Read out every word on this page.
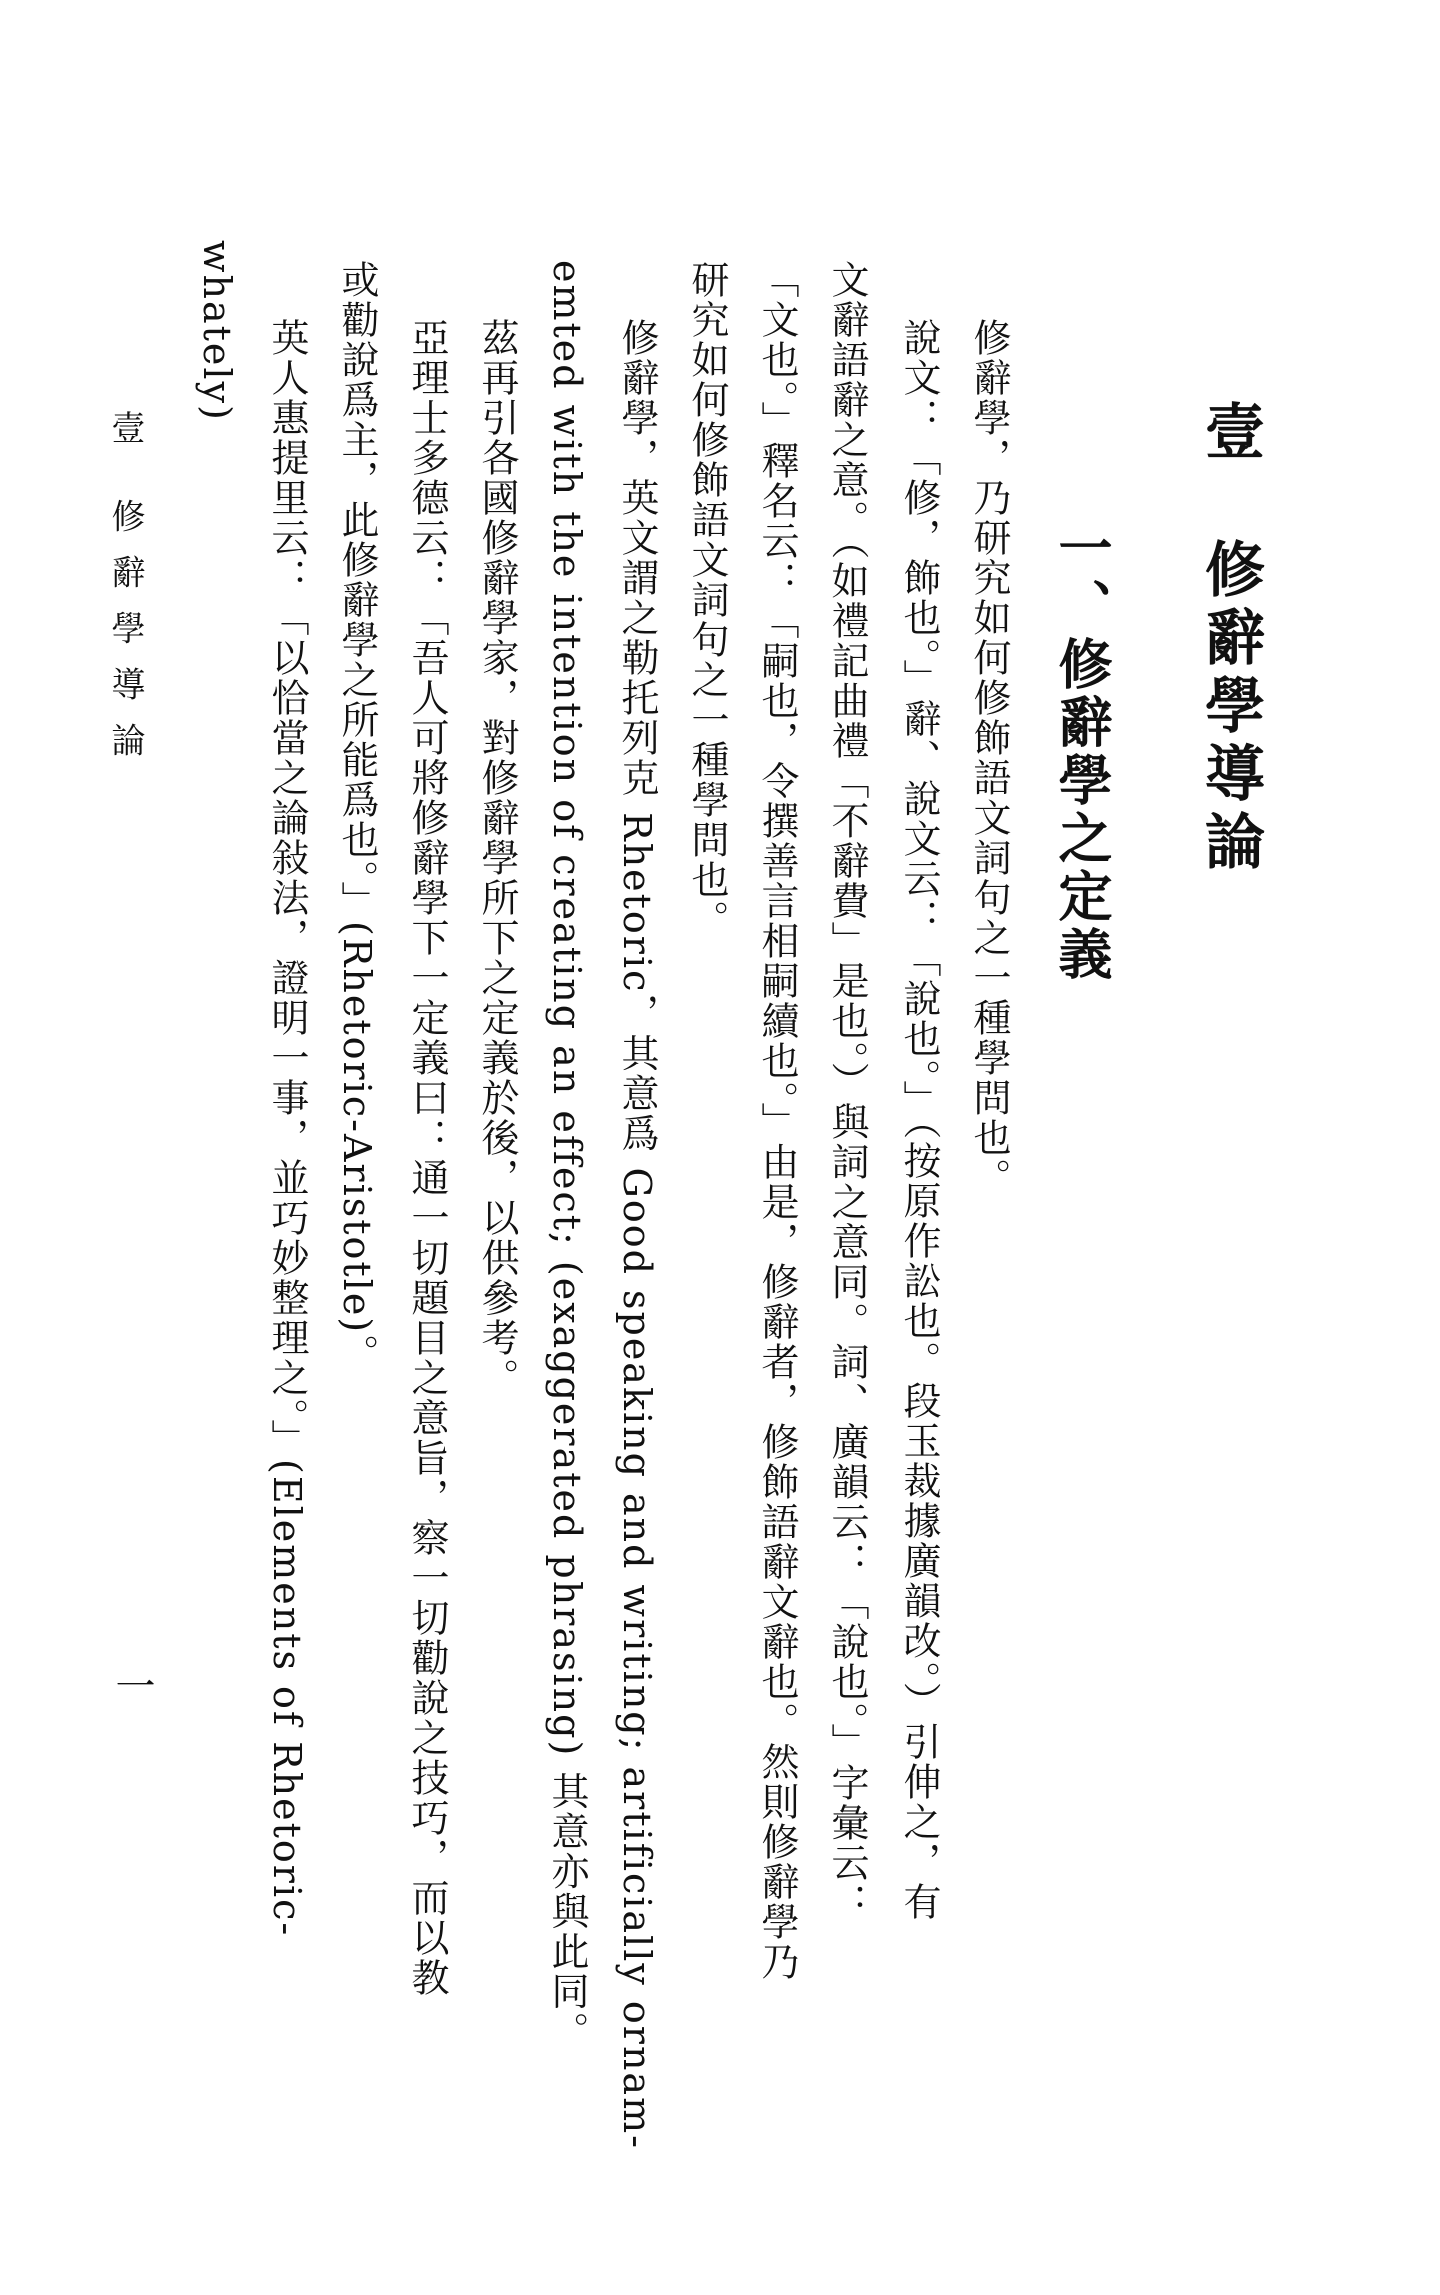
壹修辭學導論
一、修辭學之定義
修辭學，乃研究如何修飾語文詞句之一種學問也。
說文：「修，飾也。」辭、說文云：「說也。」（按原作訟也。段玉裁據廣韻改。）引伸之，有
文辭語辭之意。（如禮記曲禮「不辭費」是也。）與詞之意同。詞、廣韻云：「說也。」字彙云：
「文也。」釋名云：「嗣也，令撰善言相嗣續也。」由是，修辭者，修飾語辭文辭也。然則修辭學乃
研究如何修飾語文詞句之一種學問也。
修辭學，英文謂之勒托列克 Rhetoric，其意爲 Good speaking and writing; artificially ornam-
emted with the intention of creating an effect; (exaggerated phrasing) 其意亦與此同。
茲再引各國修辭學家，對修辭學所下之定義於後，以供參考。
亞理士多德云：「吾人可將修辭學下一定義曰：通一切題目之意旨，察一切勸說之技巧，而以教
或勸說爲主，此修辭學之所能爲也。」(Rhetoric-Aristotle)。
英人惠提里云：「以恰當之論敍法，證明一事，並巧妙整理之。」(Elements of Rhetoric-
whately)
壹 修辭學導論
一
